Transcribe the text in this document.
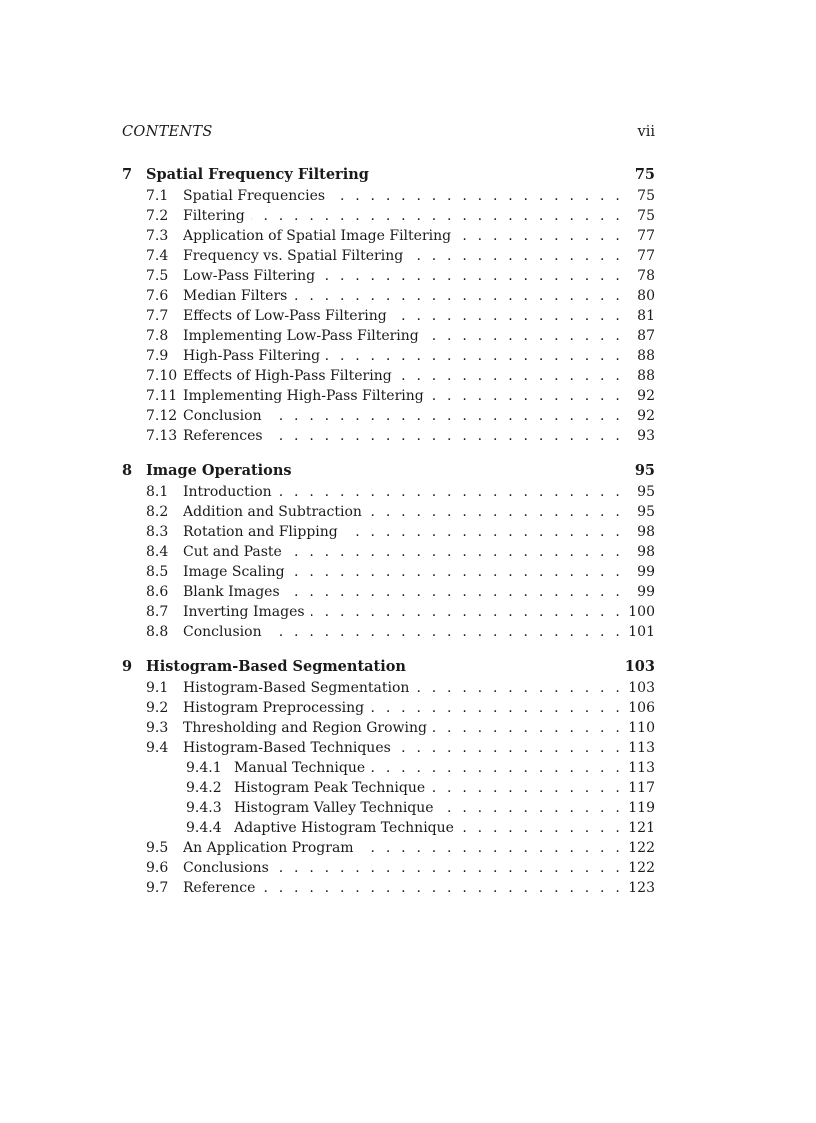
CONTENTS	vii
7 Spatial Frequency Filtering	75
7.1 Spatial Frequencies . . .	75
7.2 Filtering . . .	75
7.3 Application of Spatial Image Filtering . . .	77
7.4 Frequency vs. Spatial Filtering . . .	77
7.5 Low-Pass Filtering . . .	78
7.6 Median Filters . . .	80
7.7 Effects of Low-Pass Filtering . . .	81
7.8 Implementing Low-Pass Filtering . . .	87
7.9 High-Pass Filtering . . .	88
7.10 Effects of High-Pass Filtering . . .	88
7.11 Implementing High-Pass Filtering . . .	92
7.12 Conclusion . . .	92
7.13 References . . .	93
8 Image Operations	95
8.1 Introduction . . .	95
8.2 Addition and Subtraction . . .	95
8.3 Rotation and Flipping . . .	98
8.4 Cut and Paste . . .	98
8.5 Image Scaling . . .	99
8.6 Blank Images . . .	99
8.7 Inverting Images . . .	100
8.8 Conclusion . . .	101
9 Histogram-Based Segmentation	103
9.1 Histogram-Based Segmentation . . .	103
9.2 Histogram Preprocessing . . .	106
9.3 Thresholding and Region Growing . . .	110
9.4 Histogram-Based Techniques . . .	113
9.4.1 Manual Technique . . .	113
9.4.2 Histogram Peak Technique . . .	117
9.4.3 Histogram Valley Technique . . .	119
9.4.4 Adaptive Histogram Technique . . .	121
9.5 An Application Program . . .	122
9.6 Conclusions . . .	122
9.7 Reference . . .	123
